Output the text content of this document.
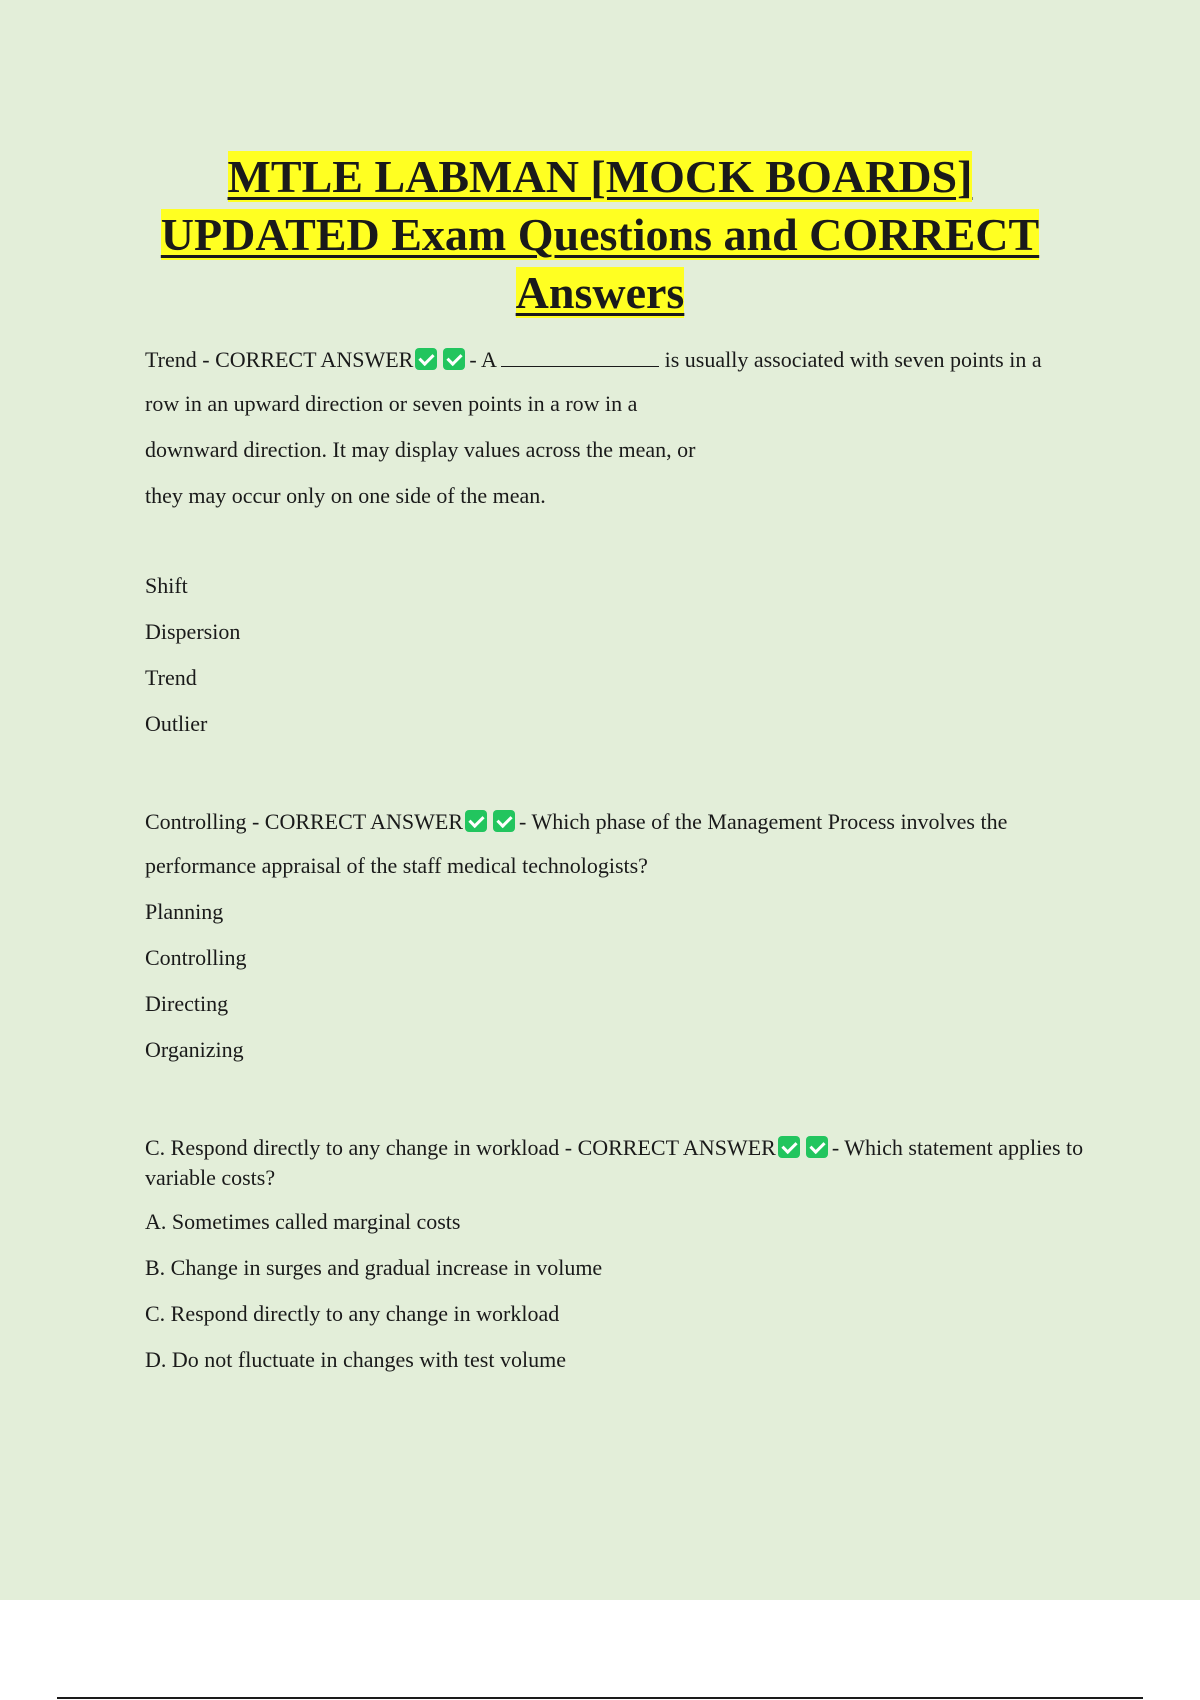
MTLE LABMAN [MOCK BOARDS]
UPDATED Exam Questions and CORRECT
Answers

Trend - CORRECT ANSWER	- A	is usually associated with seven points in a

row in an upward direction or seven points in a row in a

downward direction. It may display values across the mean, or

they may occur only on one side of the mean.

Shift

Dispersion

Trend

Outlier

Controlling - CORRECT ANSWER	- Which phase of the Management Process involves the

performance appraisal of the staff medical technologists?

Planning

Controlling

Directing

Organizing

C. Respond directly to any change in workload - CORRECT ANSWER	- Which statement applies to variable costs?

A. Sometimes called marginal costs

B. Change in surges and gradual increase in volume

C. Respond directly to any change in workload

D. Do not fluctuate in changes with test volume
